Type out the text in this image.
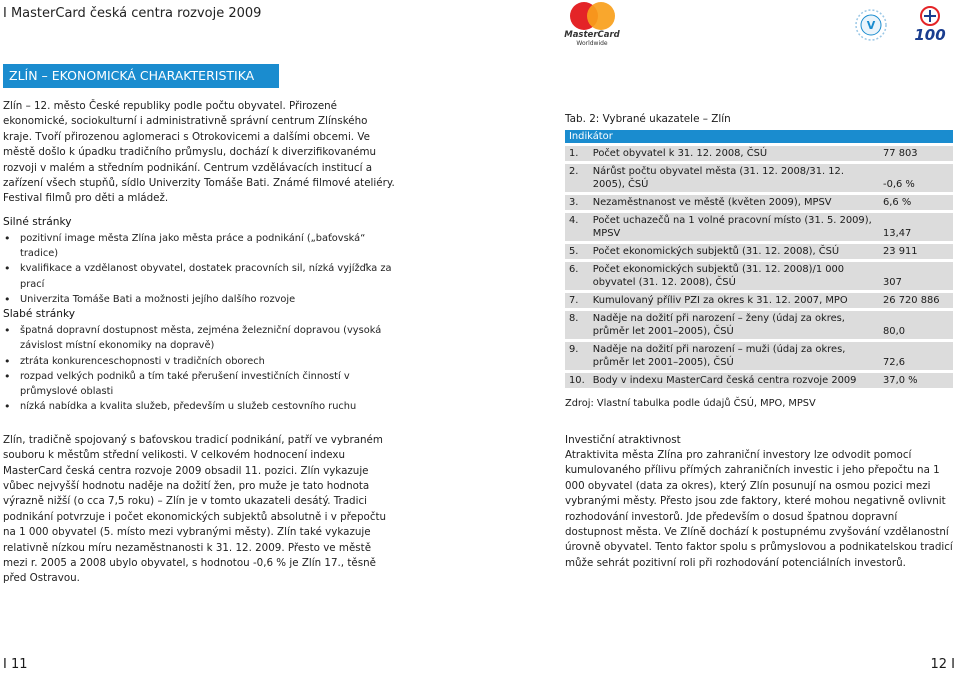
I MasterCard česká centra rozvoje 2009
MasterCard
Worldwide
V
100
ZLÍN – EKONOMICKÁ CHARAKTERISTIKA

Zlín – 12. město České republiky podle počtu obyvatel. Přirozené ekonomické, sociokulturní i administrativně správní centrum Zlínského kraje. Tvoří přirozenou aglomeraci s Otrokovicemi a dalšími obcemi. Ve městě došlo k úpadku tradičního průmyslu, dochází k diverzifikovanému rozvoji v malém a středním podnikání. Centrum vzdělávacích institucí a zařízení všech stupňů, sídlo Univerzity Tomáše Bati. Známé filmové ateliéry. Festival filmů pro děti a mládež.

Silné stránky
• pozitivní image města Zlína jako města práce a podnikání („baťovská“ tradice)
• kvalifikace a vzdělanost obyvatel, dostatek pracovních sil, nízká vyjížďka za prací
• Univerzita Tomáše Bati a možnosti jejího dalšího rozvoje
Slabé stránky
• špatná dopravní dostupnost města, zejména železniční dopravou (vysoká závislost místní ekonomiky na dopravě)
• ztráta konkurenceschopnosti v tradičních oborech
• rozpad velkých podniků a tím také přerušení investičních činností v průmyslové oblasti
• nízká nabídka a kvalita služeb, především u služeb cestovního ruchu

Zlín, tradičně spojovaný s baťovskou tradicí podnikání, patří ve vybraném souboru k městům střední velikosti. V celkovém hodnocení indexu MasterCard česká centra rozvoje 2009 obsadil 11. pozici. Zlín vykazuje vůbec nejvyšší hodnotu naděje na dožití žen, pro muže je tato hodnota výrazně nižší (o cca 7,5 roku) – Zlín je v tomto ukazateli desátý. Tradici podnikání potvrzuje i počet ekonomických subjektů absolutně i v přepočtu na 1 000 obyvatel (5. místo mezi vybranými městy). Zlín také vykazuje relativně nízkou míru nezaměstnanosti k 31. 12. 2009. Přesto ve městě mezi r. 2005 a 2008 ubylo obyvatel, s hodnotou -0,6 % je Zlín 17., těsně před Ostravou.

Tab. 2: Vybrané ukazatele – Zlín
Indikátor		
1.	Počet obyvatel k 31. 12. 2008, ČSÚ	77 803
2.	Nárůst počtu obyvatel města (31. 12. 2008/31. 12. 2005), ČSÚ	-0,6 %
3.	Nezaměstnanost ve městě (květen 2009), MPSV	6,6 %
4.	Počet uchazečů na 1 volné pracovní místo (31. 5. 2009), MPSV	13,47
5.	Počet ekonomických subjektů (31. 12. 2008), ČSÚ	23 911
6.	Počet ekonomických subjektů (31. 12. 2008)/1 000 obyvatel (31. 12. 2008), ČSÚ	307
7.	Kumulovaný příliv PZI za okres k 31. 12. 2007, MPO	26 720 886
8.	Naděje na dožití při narození – ženy (údaj za okres, průměr let 2001–2005), ČSÚ	80,0
9.	Naděje na dožití při narození – muži (údaj za okres, průměr let 2001–2005), ČSÚ	72,6
10.	Body v indexu MasterCard česká centra rozvoje 2009	37,0 %
Zdroj: Vlastní tabulka podle údajů ČSÚ, MPO, MPSV
Investiční atraktivnost

Atraktivita města Zlína pro zahraniční investory lze odvodit pomocí kumulovaného přílivu přímých zahraničních investic i jeho přepočtu na 1 000 obyvatel (data za okres), který Zlín posunují na osmou pozici mezi vybranými městy. Přesto jsou zde faktory, které mohou negativně ovlivnit rozhodování investorů. Jde především o dosud špatnou dopravní dostupnost města. Ve Zlíně dochází k postupnému zvyšování vzdělanostní úrovně obyvatel. Tento faktor spolu s průmyslovou a podnikatelskou tradicí může sehrát pozitivní roli při rozhodování potenciálních investorů.

I 11	12 I
